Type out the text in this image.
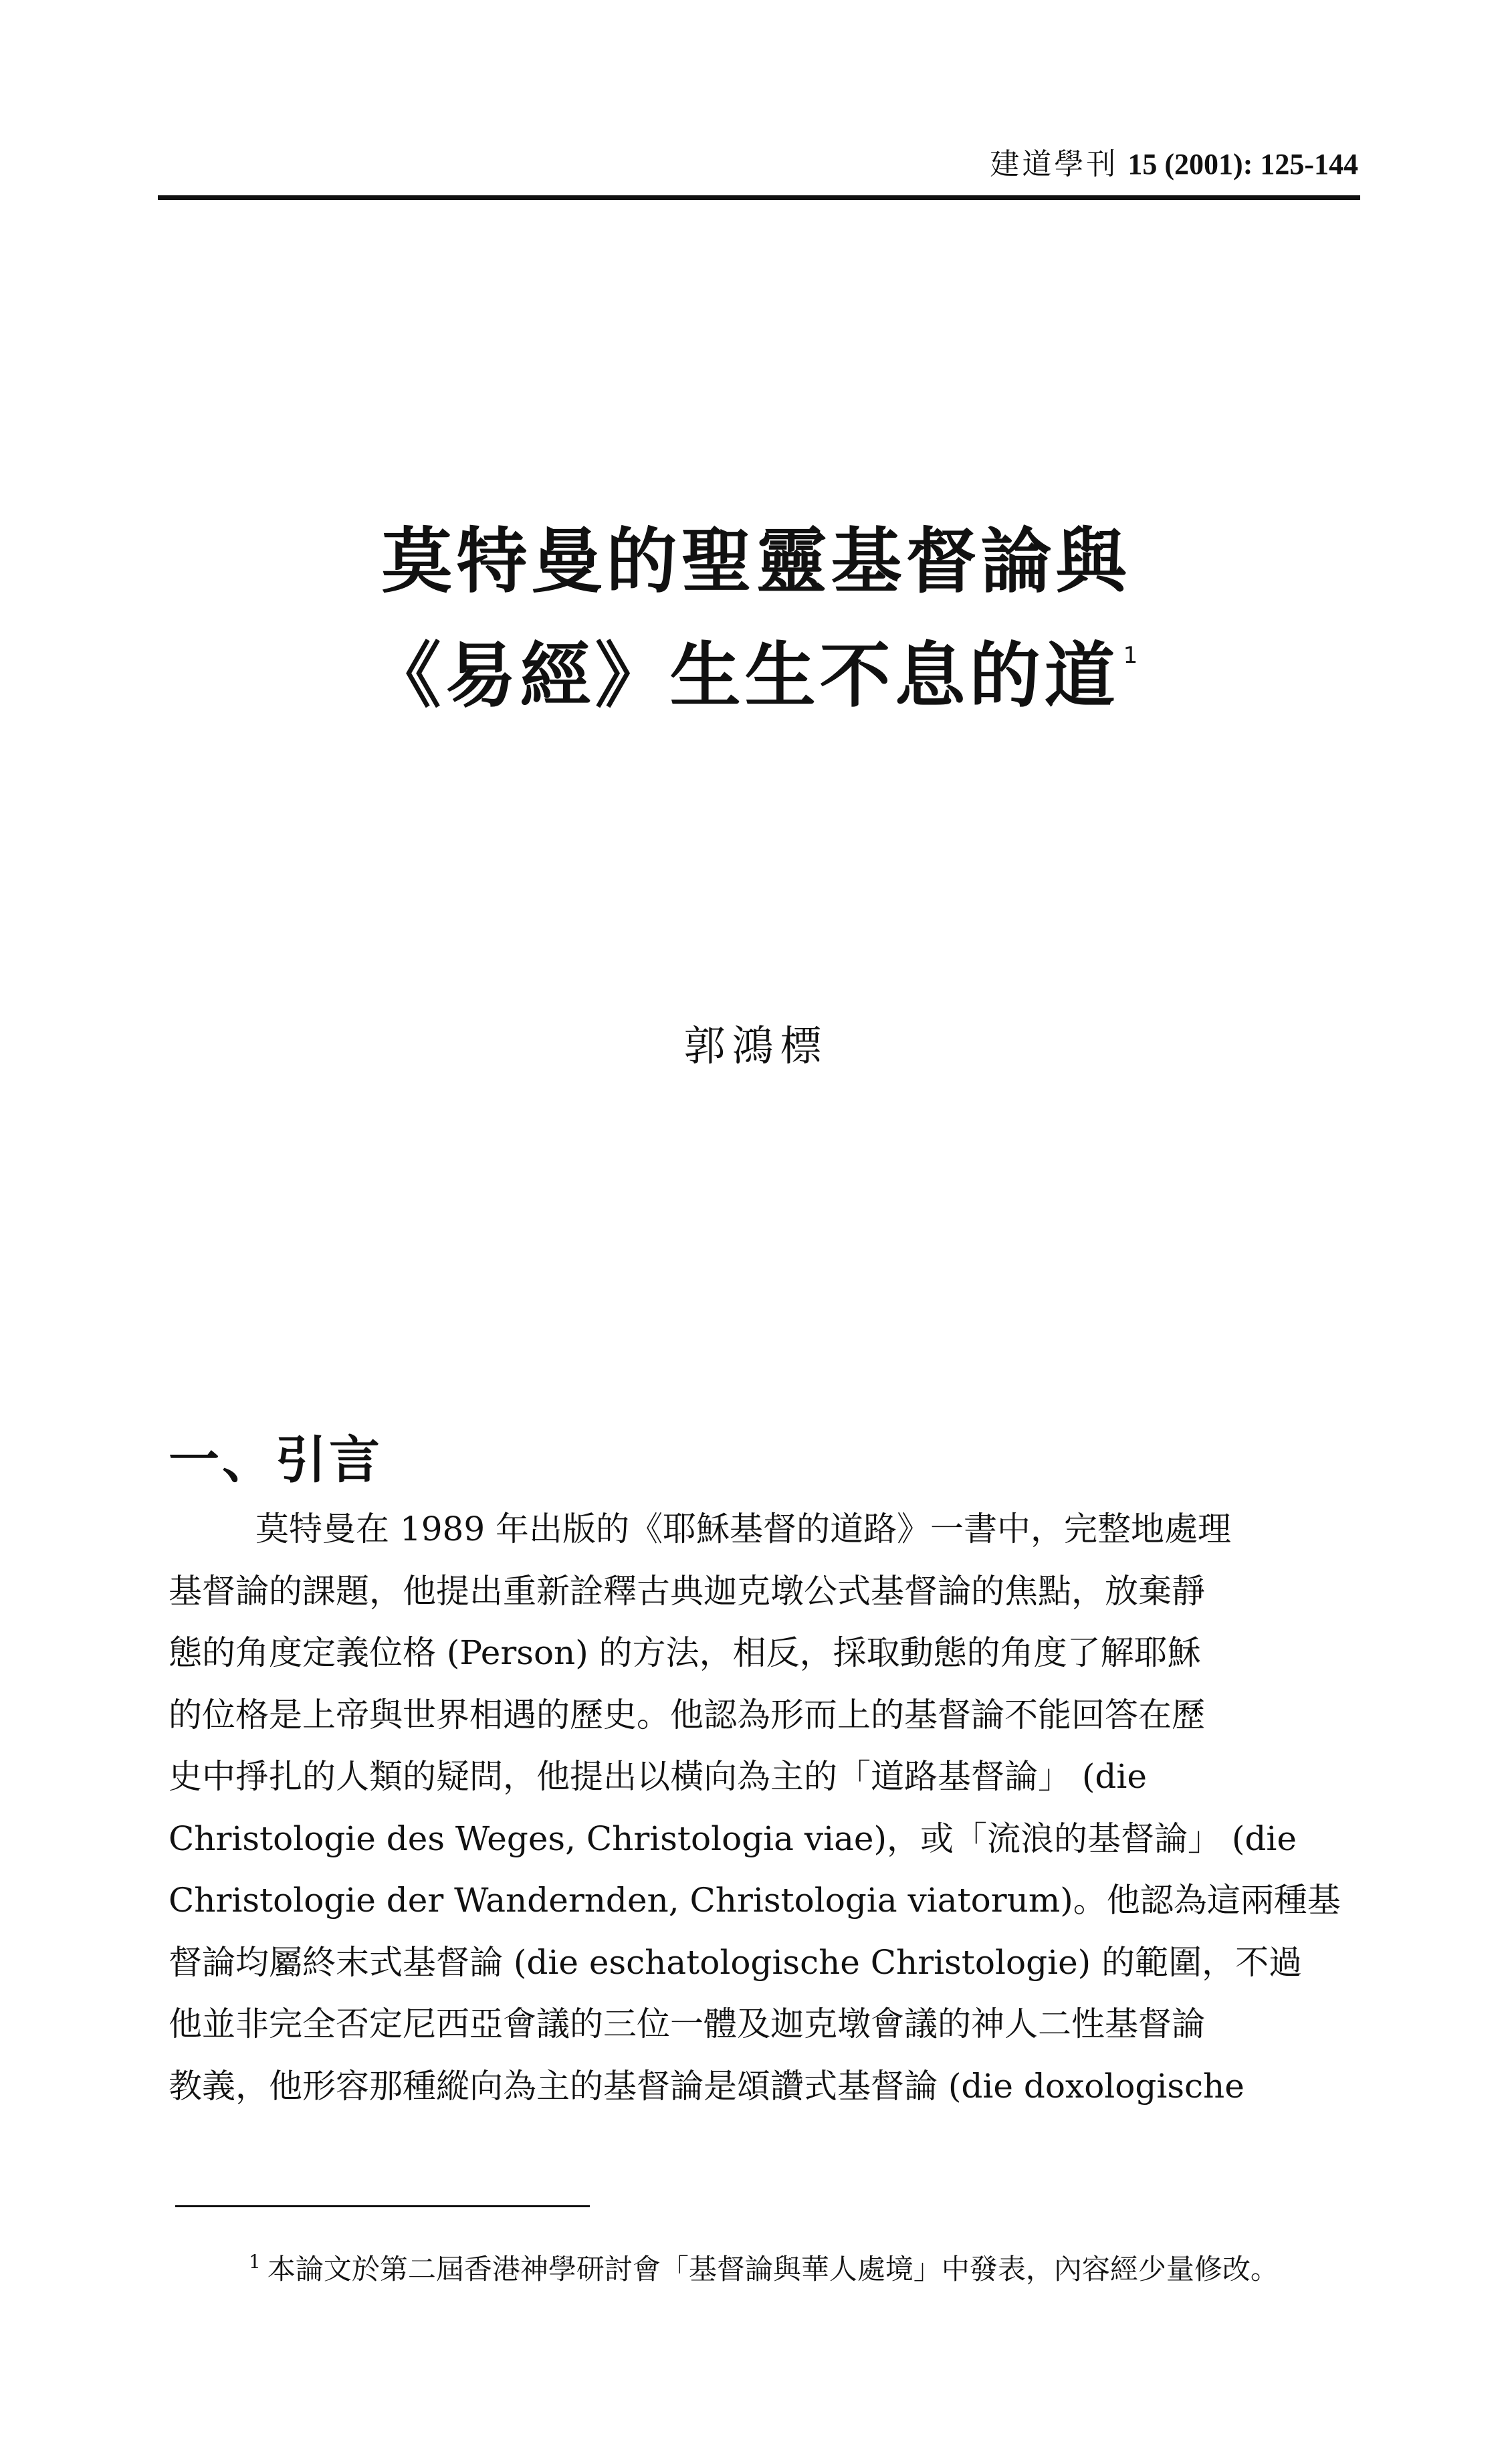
建道學刊 15 (2001): 125-144
莫特曼的聖靈基督論與
《易經》生生不息的道 $^1$
郭鴻標
一、引言
莫特曼在 1989 年出版的《耶穌基督的道路》一書中，完整地處理
基督論的課題，他提出重新詮釋古典迦克墩公式基督論的焦點，放棄靜
態的角度定義位格 (Person) 的方法，相反，採取動態的角度了解耶穌
的位格是上帝與世界相遇的歷史。他認為形而上的基督論不能回答在歷
史中掙扎的人類的疑問，他提出以橫向為主的「道路基督論」 (die
Christologie des Weges, Christologia viae)，或「流浪的基督論」 (die
Christologie der Wandernden, Christologia viatorum)。他認為這兩種基
督論均屬終末式基督論 (die eschatologische Christologie) 的範圍，不過
他並非完全否定尼西亞會議的三位一體及迦克墩會議的神人二性基督論
教義，他形容那種縱向為主的基督論是頌讚式基督論 (die doxologische
$^1$ 本論文於第二屆香港神學研討會「基督論與華人處境」中發表，內容經少量修改。
